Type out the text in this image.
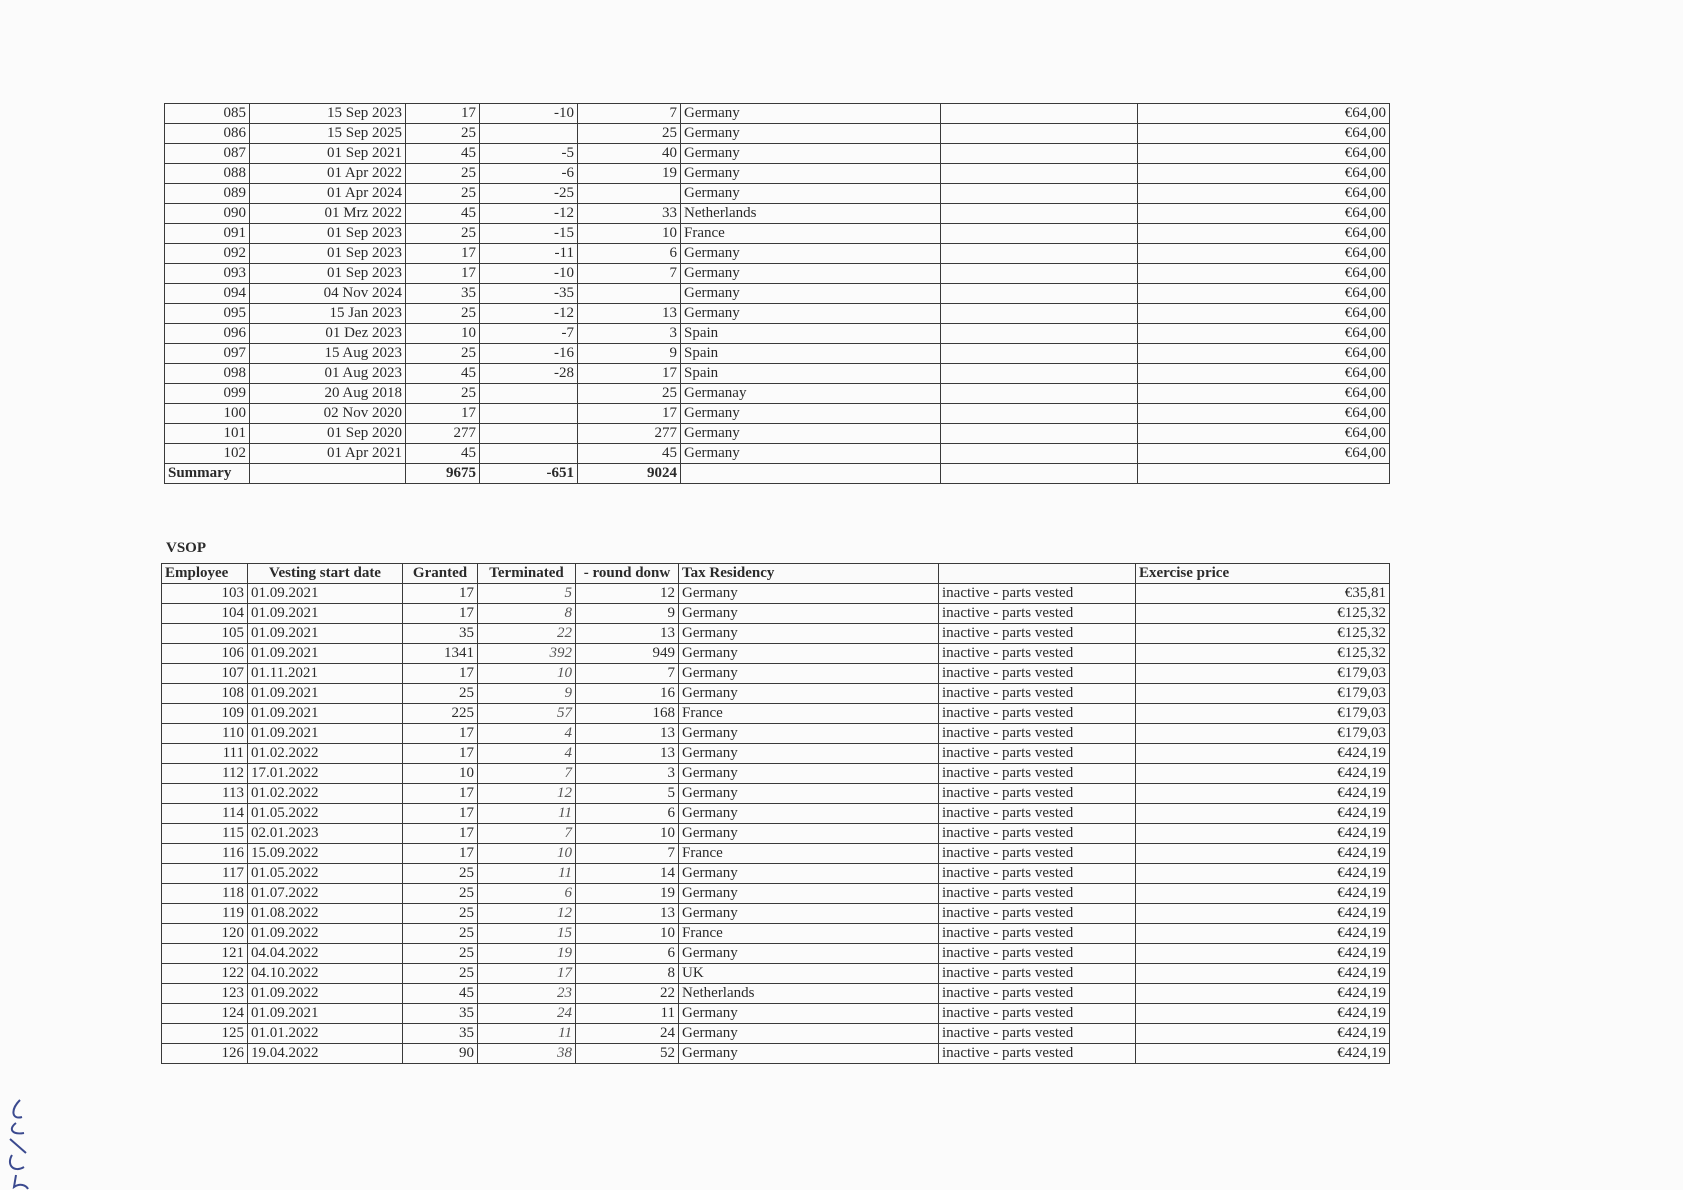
085	15 Sep 2023	17	-10	7	Germany		€64,00
086	15 Sep 2025	25		25	Germany		€64,00
087	01 Sep 2021	45	-5	40	Germany		€64,00
088	01 Apr 2022	25	-6	19	Germany		€64,00
089	01 Apr 2024	25	-25		Germany		€64,00
090	01 Mrz 2022	45	-12	33	Netherlands		€64,00
091	01 Sep 2023	25	-15	10	France		€64,00
092	01 Sep 2023	17	-11	6	Germany		€64,00
093	01 Sep 2023	17	-10	7	Germany		€64,00
094	04 Nov 2024	35	-35		Germany		€64,00
095	15 Jan 2023	25	-12	13	Germany		€64,00
096	01 Dez 2023	10	-7	3	Spain		€64,00
097	15 Aug 2023	25	-16	9	Spain		€64,00
098	01 Aug 2023	45	-28	17	Spain		€64,00
099	20 Aug 2018	25		25	Germanay		€64,00
100	02 Nov 2020	17		17	Germany		€64,00
101	01 Sep 2020	277		277	Germany		€64,00
102	01 Apr 2021	45		45	Germany		€64,00
Summary		9675	-651	9024			
VSOP
Employee	Vesting start date	Granted	Terminated	- round donw	Tax Residency		Exercise price
103	01.09.2021	17	5	12	Germany	inactive - parts vested	€35,81
104	01.09.2021	17	8	9	Germany	inactive - parts vested	€125,32
105	01.09.2021	35	22	13	Germany	inactive - parts vested	€125,32
106	01.09.2021	1341	392	949	Germany	inactive - parts vested	€125,32
107	01.11.2021	17	10	7	Germany	inactive - parts vested	€179,03
108	01.09.2021	25	9	16	Germany	inactive - parts vested	€179,03
109	01.09.2021	225	57	168	France	inactive - parts vested	€179,03
110	01.09.2021	17	4	13	Germany	inactive - parts vested	€179,03
111	01.02.2022	17	4	13	Germany	inactive - parts vested	€424,19
112	17.01.2022	10	7	3	Germany	inactive - parts vested	€424,19
113	01.02.2022	17	12	5	Germany	inactive - parts vested	€424,19
114	01.05.2022	17	11	6	Germany	inactive - parts vested	€424,19
115	02.01.2023	17	7	10	Germany	inactive - parts vested	€424,19
116	15.09.2022	17	10	7	France	inactive - parts vested	€424,19
117	01.05.2022	25	11	14	Germany	inactive - parts vested	€424,19
118	01.07.2022	25	6	19	Germany	inactive - parts vested	€424,19
119	01.08.2022	25	12	13	Germany	inactive - parts vested	€424,19
120	01.09.2022	25	15	10	France	inactive - parts vested	€424,19
121	04.04.2022	25	19	6	Germany	inactive - parts vested	€424,19
122	04.10.2022	25	17	8	UK	inactive - parts vested	€424,19
123	01.09.2022	45	23	22	Netherlands	inactive - parts vested	€424,19
124	01.09.2021	35	24	11	Germany	inactive - parts vested	€424,19
125	01.01.2022	35	11	24	Germany	inactive - parts vested	€424,19
126	19.04.2022	90	38	52	Germany	inactive - parts vested	€424,19
